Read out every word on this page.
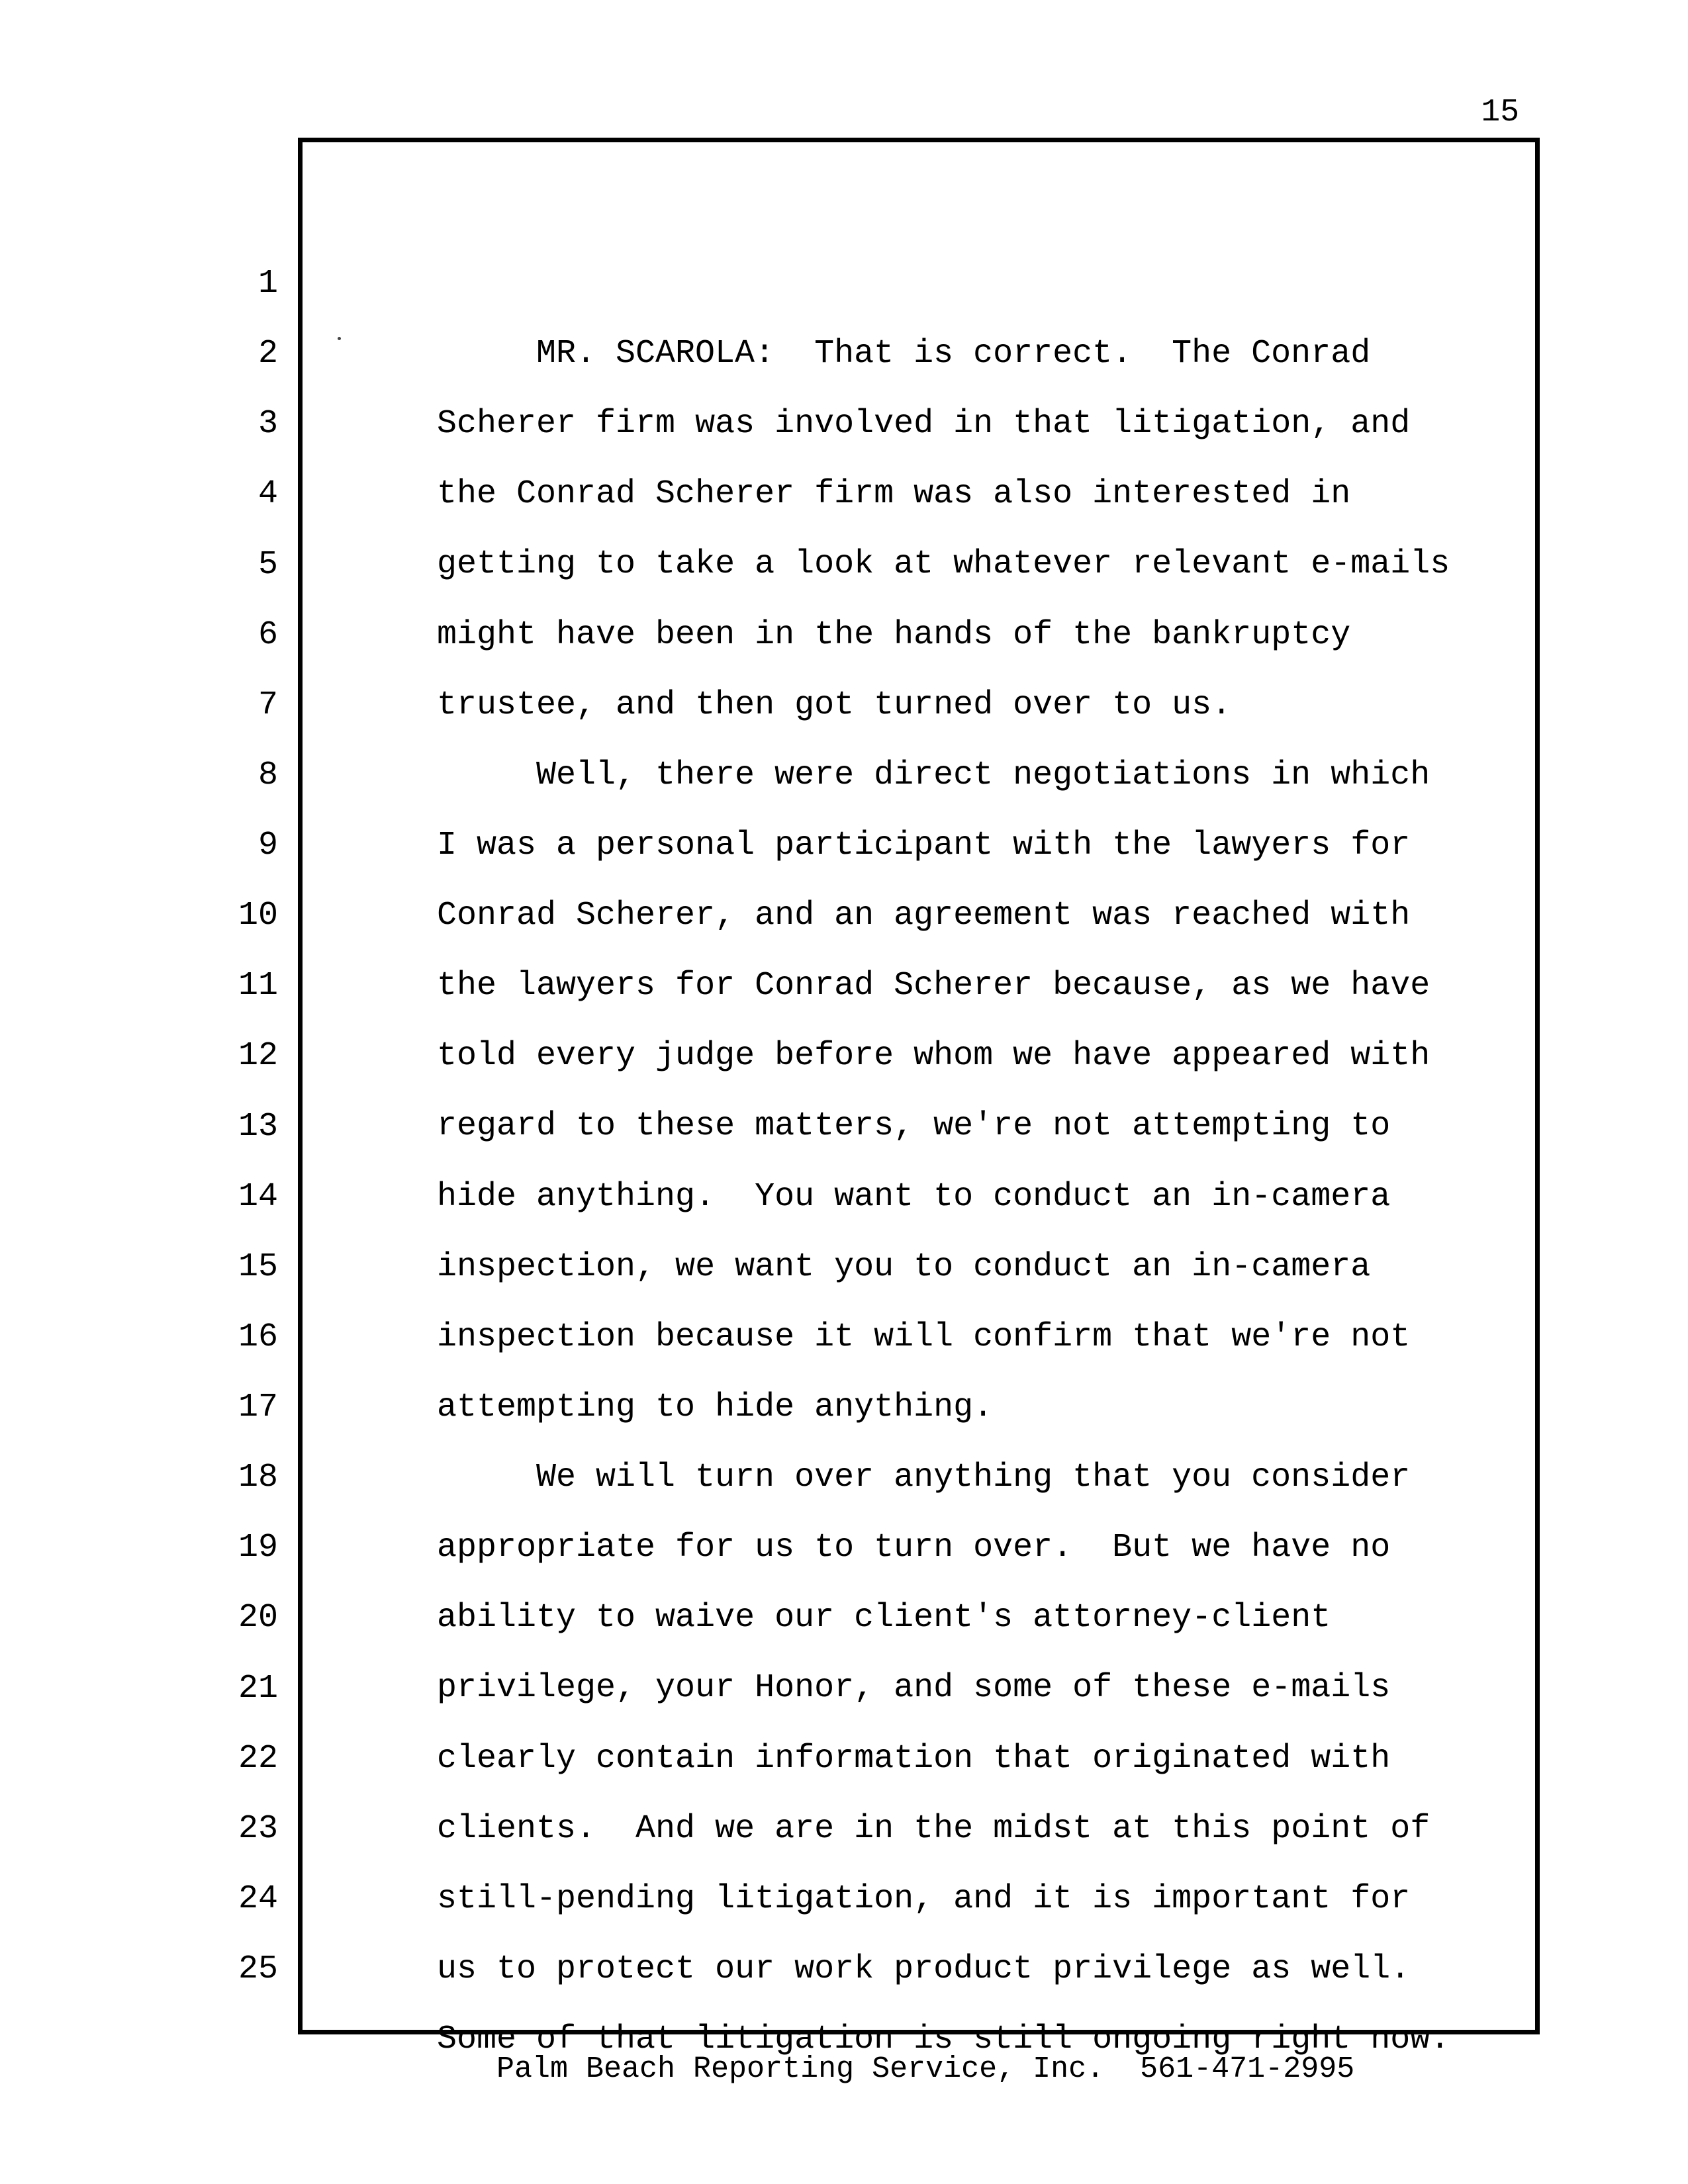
15

1

MR. SCAROLA:  That is correct.  The Conrad

2

Scherer firm was involved in that litigation, and

3

the Conrad Scherer firm was also interested in

4

getting to take a look at whatever relevant e-mails

5

might have been in the hands of the bankruptcy

6

trustee, and then got turned over to us.

7

Well, there were direct negotiations in which

8

I was a personal participant with the lawyers for

9

Conrad Scherer, and an agreement was reached with

10

the lawyers for Conrad Scherer because, as we have

11

told every judge before whom we have appeared with

12

regard to these matters, we're not attempting to

13

hide anything.  You want to conduct an in-camera

14

inspection, we want you to conduct an in-camera

15

inspection because it will confirm that we're not

16

attempting to hide anything.

17

We will turn over anything that you consider

18

appropriate for us to turn over.  But we have no

19

ability to waive our client's attorney-client

20

privilege, your Honor, and some of these e-mails

21

clearly contain information that originated with

22

clients.  And we are in the midst at this point of

23

still-pending litigation, and it is important for

24

us to protect our work product privilege as well.

25

Some of that litigation is still ongoing right now.

Palm Beach Reporting Service, Inc.  561-471-2995
